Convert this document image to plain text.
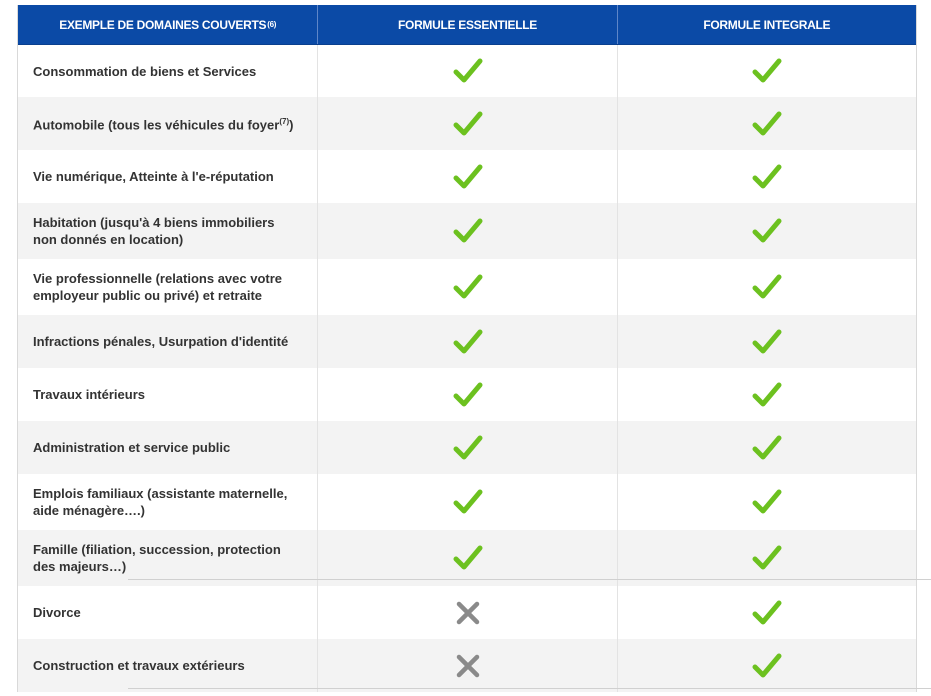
EXEMPLE DE DOMAINES COUVERTS (6)	FORMULE ESSENTIELLE	FORMULE INTEGRALE
Consommation de biens et Services
Automobile (tous les véhicules du foyer$^{(7)}$)
Vie numérique, Atteinte à l'e-réputation
Habitation (jusqu'à 4 biens immobiliers non donnés en location)
Vie professionnelle (relations avec votre employeur public ou privé) et retraite
Infractions pénales, Usurpation d'identité
Travaux intérieurs
Administration et service public
Emplois familiaux (assistante maternelle, aide ménagère….)
Famille (filiation, succession, protection des majeurs…)
Divorce
Construction et travaux extérieurs
